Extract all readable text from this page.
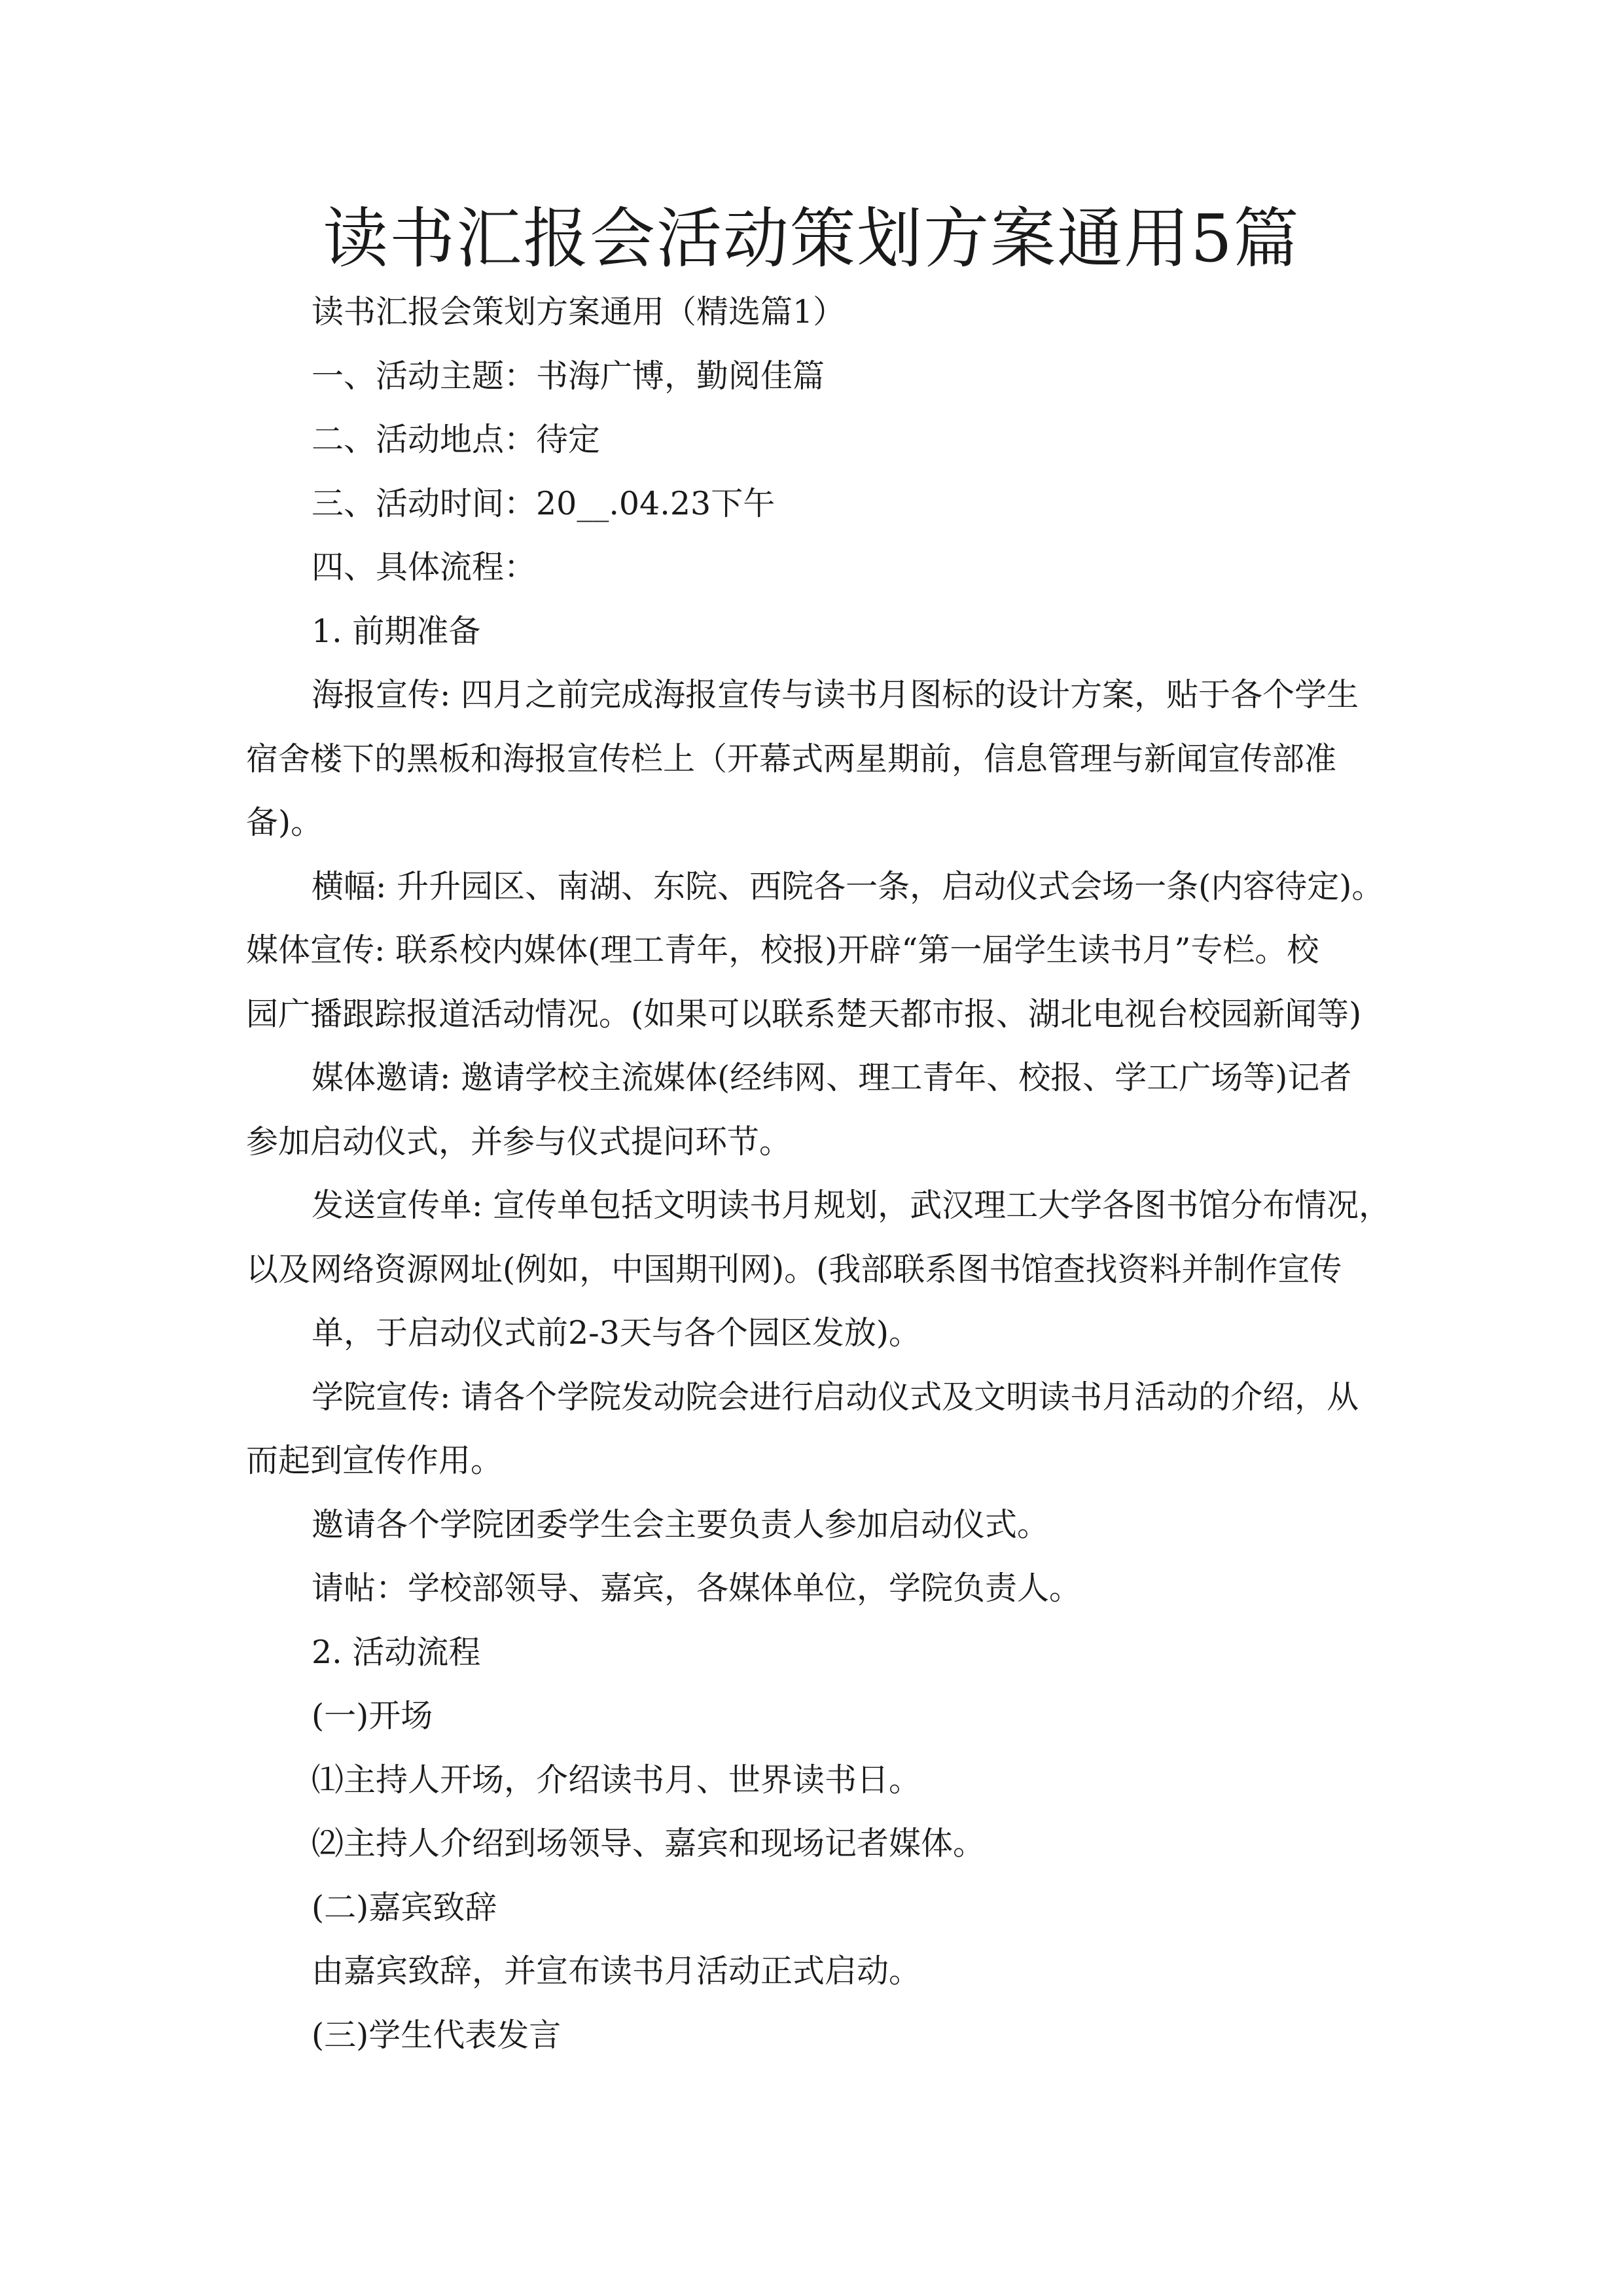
读书汇报会活动策划方案通用5篇
读书汇报会策划方案通用（精选篇1）
一、活动主题：书海广博，勤阅佳篇
二、活动地点：待定
三、活动时间：20__.04.23下午
四、具体流程：
1. 前期准备
海报宣传: 四月之前完成海报宣传与读书月图标的设计方案，贴于各个学生
宿舍楼下的黑板和海报宣传栏上（开幕式两星期前，信息管理与新闻宣传部准
备)。
横幅: 升升园区、南湖、东院、西院各一条，启动仪式会场一条(内容待定)。
媒体宣传: 联系校内媒体(理工青年，校报)开辟“第一届学生读书月”专栏。校
园广播跟踪报道活动情况。(如果可以联系楚天都市报、湖北电视台校园新闻等)
媒体邀请: 邀请学校主流媒体(经纬网、理工青年、校报、学工广场等)记者
参加启动仪式，并参与仪式提问环节。
发送宣传单: 宣传单包括文明读书月规划，武汉理工大学各图书馆分布情况，
以及网络资源网址(例如，中国期刊网)。(我部联系图书馆查找资料并制作宣传
单，于启动仪式前2-3天与各个园区发放)。
学院宣传: 请各个学院发动院会进行启动仪式及文明读书月活动的介绍，从
而起到宣传作用。
邀请各个学院团委学生会主要负责人参加启动仪式。
请帖：学校部领导、嘉宾，各媒体单位，学院负责人。
2. 活动流程
(一)开场
⑴主持人开场，介绍读书月、世界读书日。
⑵主持人介绍到场领导、嘉宾和现场记者媒体。
(二)嘉宾致辞
由嘉宾致辞，并宣布读书月活动正式启动。
(三)学生代表发言
